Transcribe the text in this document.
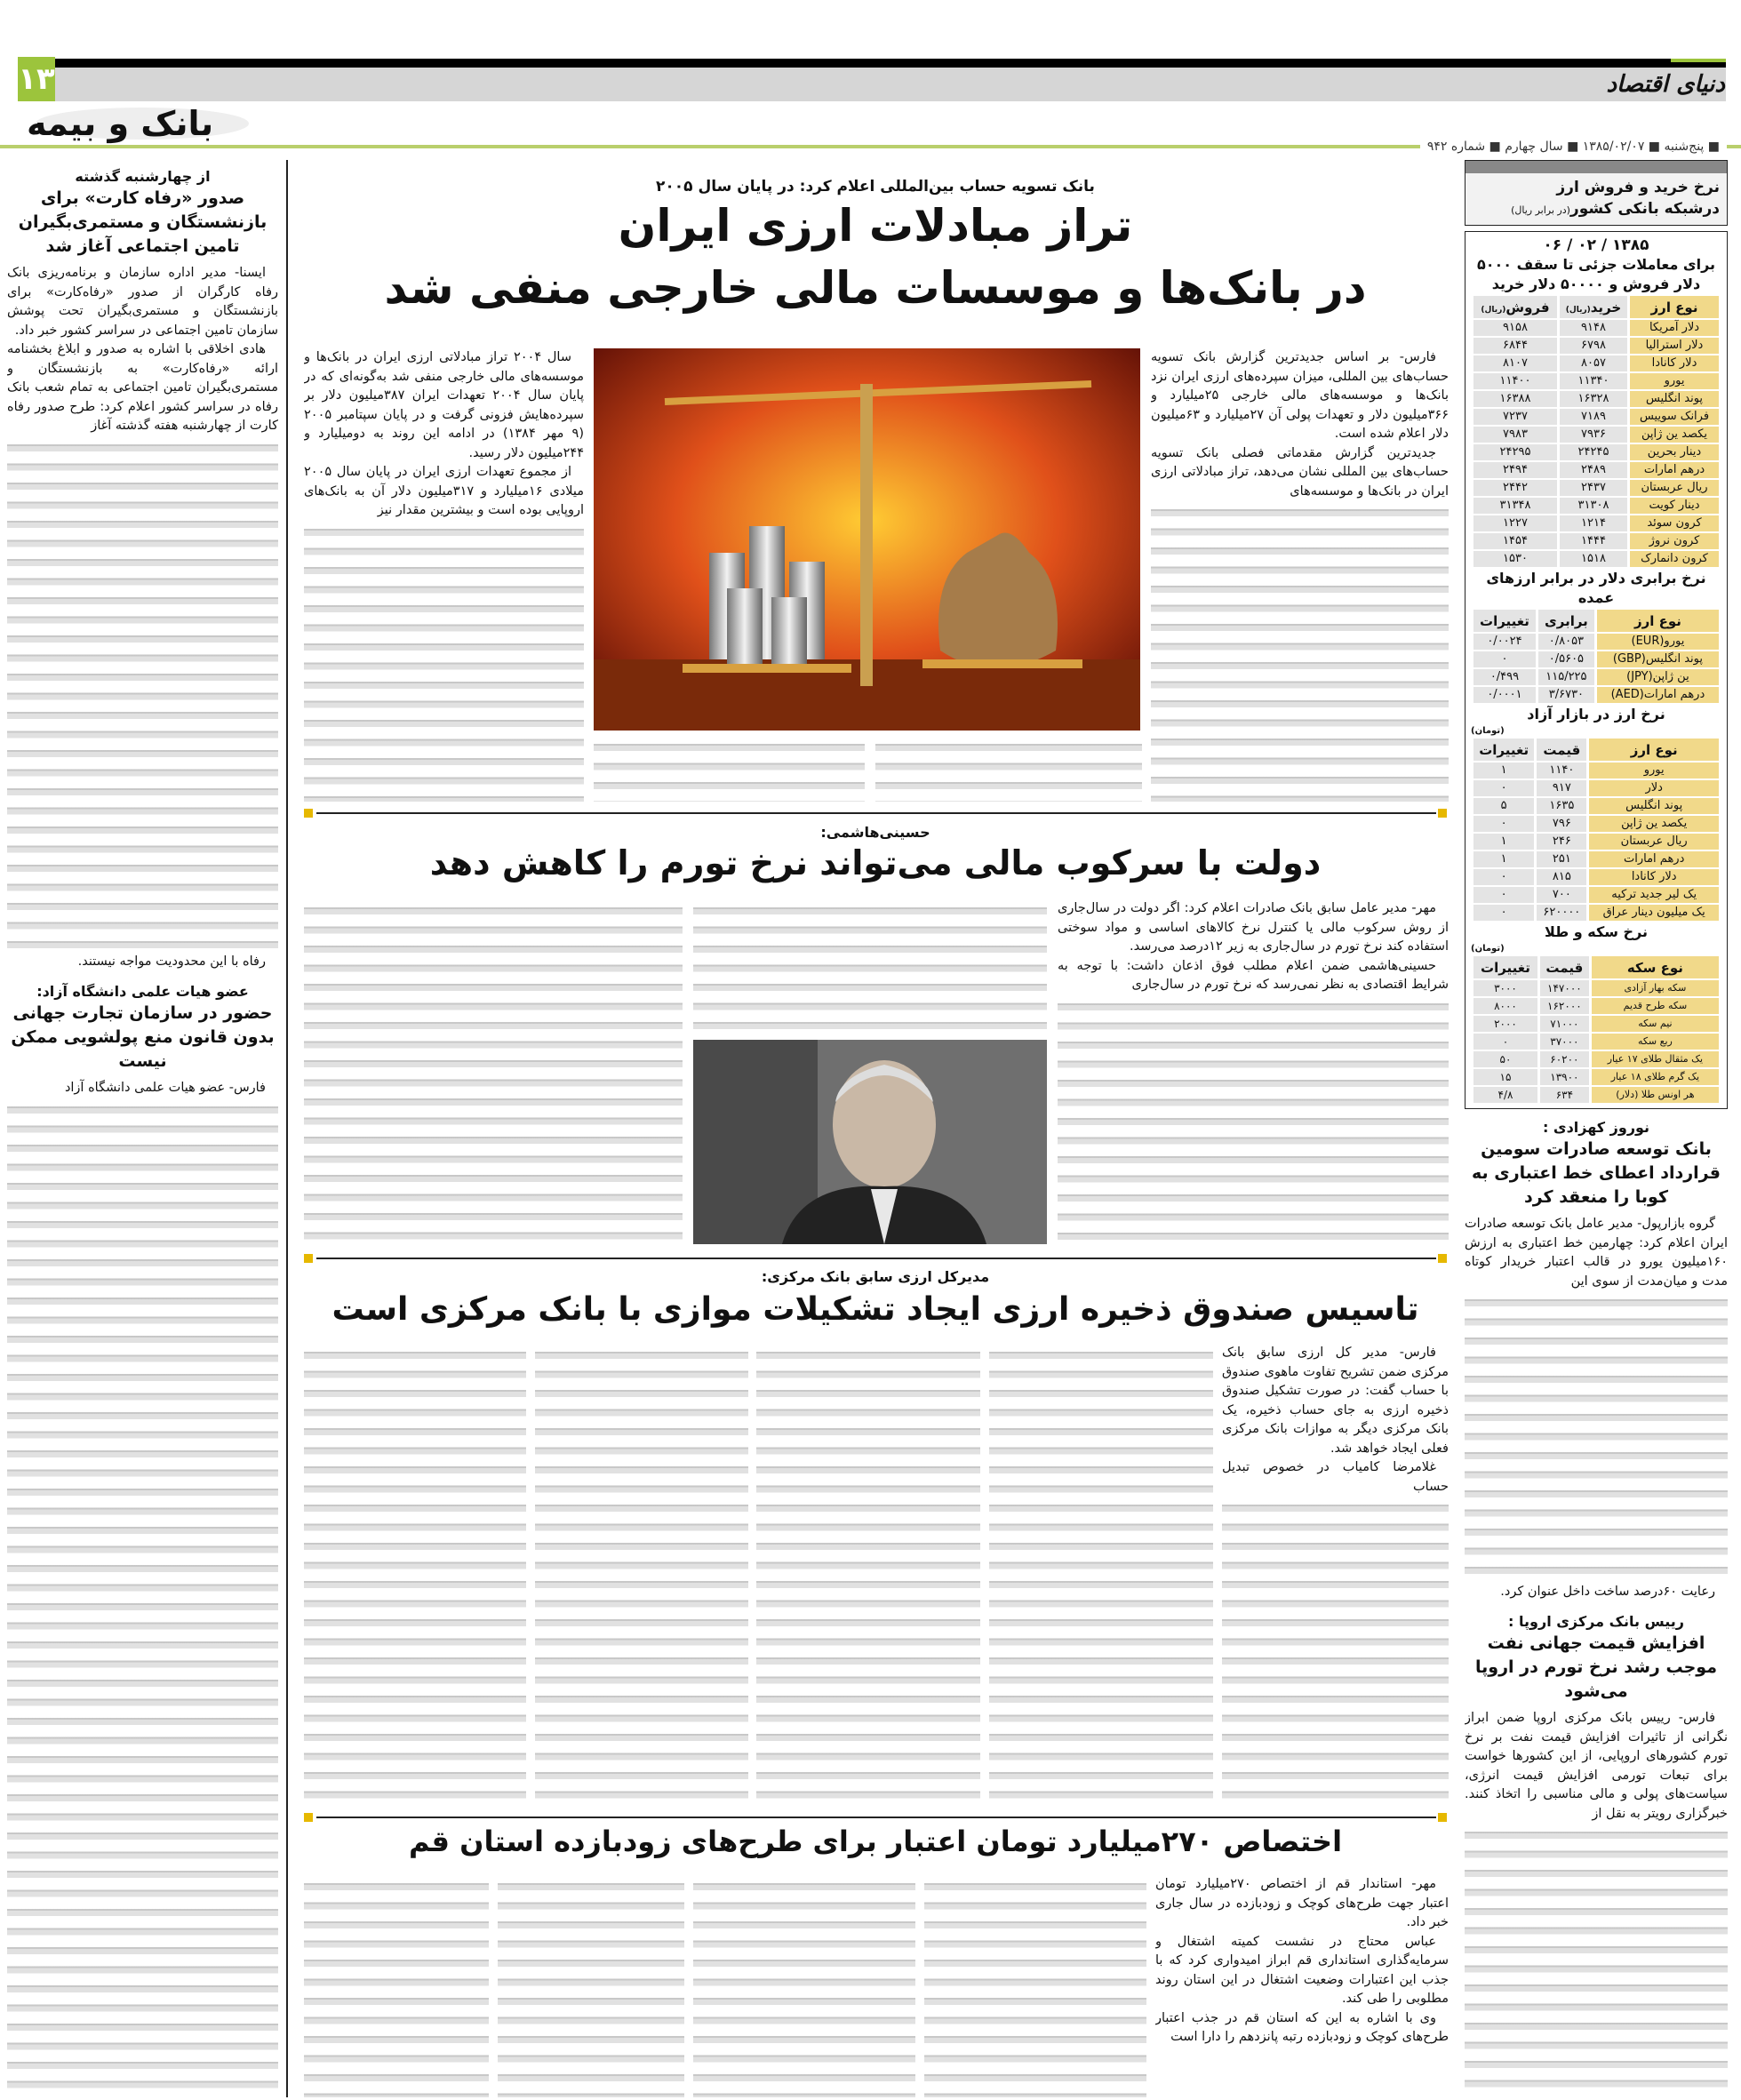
۱۳	دنیای اقتصاد
بانک و بیمه
■ پنج‌شنبه ■ ۱۳۸۵/۰۲/۰۷ ■ سال چهارم ■ شماره ۹۴۲
از چهارشنبه گذشته
صدور «رفاه کارت» برای بازنشستگان و مستمری‌بگیران تامین اجتماعی آغاز شد

ایسنا- مدیر اداره سازمان و برنامه‌ریزی بانک رفاه کارگران از صدور «رفاه‌کارت» برای بازنشستگان و مستمری‌بگیران تحت پوشش سازمان تامین اجتماعی در سراسر کشور خبر داد.

هادی اخلاقی با اشاره به صدور و ابلاغ بخشنامه ارائه «رفاه‌کارت» به بازنشستگان و مستمری‌بگیران تامین اجتماعی به تمام شعب بانک رفاه در سراسر کشور اعلام کرد: طرح صدور رفاه کارت از چهارشنبه هفته گذشته آغاز

رفاه با این محدودیت مواجه نیستند.

عضو هیات علمی دانشگاه آزاد:
حضور در سازمان تجارت جهانی بدون قانون منع پولشویی ممکن نیست

فارس- عضو هیات علمی دانشگاه آزاد

بانک تسویه حساب بین‌المللی اعلام کرد: در پایان سال ۲۰۰۵
تراز مبادلات ارزی ایران
در بانک‌ها و موسسات مالی خارجی منفی شد

فارس- بر اساس جدیدترین گزارش بانک تسویه حساب‌های بین المللی، میزان سپرده‌های ارزی ایران نزد بانک‌ها و موسسه‌های مالی خارجی ۲۵میلیارد و ۳۶۶میلیون دلار و تعهدات پولی آن ۲۷میلیارد و ۶۳میلیون دلار اعلام شده است.

جدیدترین گزارش مقدماتی فصلی بانک تسویه حساب‌های بین المللی نشان می‌دهد، تراز مبادلاتی ارزی ایران در بانک‌ها و موسسه‌های

سال ۲۰۰۴ تراز مبادلاتی ارزی ایران در بانک‌ها و موسسه‌های مالی خارجی منفی شد به‌گونه‌ای که در پایان سال ۲۰۰۴ تعهدات ایران ۳۸۷میلیون دلار بر سپرده‌هایش فزونی گرفت و در پایان سپتامبر ۲۰۰۵ (۹ مهر ۱۳۸۴) در ادامه این روند به دومیلیارد و ۲۴۴میلیون دلار رسید.

از مجموع تعهدات ارزی ایران در پایان سال ۲۰۰۵ میلادی ۱۶میلیارد و ۳۱۷میلیون دلار آن به بانک‌های اروپایی بوده است و بیشترین مقدار نیز

حسینی‌هاشمی:
دولت با سرکوب مالی می‌تواند نرخ تورم را کاهش دهد

مهر- مدیر عامل سابق بانک صادرات اعلام کرد: اگر دولت در سال‌جاری از روش سرکوب مالی یا کنترل نرخ کالاهای اساسی و مواد سوختی استفاده کند نرخ تورم در سال‌جاری به زیر ۱۲درصد می‌رسد.

حسینی‌هاشمی ضمن اعلام مطلب فوق اذعان داشت: با توجه به شرایط اقتصادی به نظر نمی‌رسد که نرخ تورم در سال‌جاری

مدیرکل ارزی سابق بانک مرکزی:
تاسیس صندوق ذخیره ارزی ایجاد تشکیلات موازی با بانک مرکزی است

فارس- مدیر کل ارزی سابق بانک مرکزی ضمن تشریح تفاوت ماهوی صندوق با حساب گفت: در صورت تشکیل صندوق ذخیره ارزی به جای حساب ذخیره، یک بانک مرکزی دیگر به موازات بانک مرکزی فعلی ایجاد خواهد شد.

غلامرضا کامیاب در خصوص تبدیل حساب

اختصاص ۲۷۰میلیارد تومان اعتبار برای طرح‌های زودبازده استان قم

مهر- استاندار قم از اختصاص ۲۷۰میلیارد تومان اعتبار جهت طرح‌های کوچک و زودبازده در سال جاری خبر داد.

عباس محتاج در نشست کمیته اشتغال و سرمایه‌گذاری استانداری قم ابراز امیدواری کرد که با جذب این اعتبارات وضعیت اشتغال در این استان روند مطلوبی را طی کند.

وی با اشاره به این که استان قم در جذب اعتبار طرح‌های کوچک و زودبازده رتبه پانزدهم را دارا است

نرخ خرید و فروش ارز
درشبکه بانکی کشور(در برابر ریال)
۱۳۸۵ / ۰۲ / ۰۶
برای معاملات جزئی تا سقف ۵۰۰۰ دلار فروش و ۵۰۰۰۰ دلار خرید
نوع ارز	خرید(ریال)	فروش(ریال)
دلار آمریکا	۹۱۴۸	۹۱۵۸
دلار استرالیا	۶۷۹۸	۶۸۴۴
دلار کانادا	۸۰۵۷	۸۱۰۷
یورو	۱۱۳۴۰	۱۱۴۰۰
پوند انگلیس	۱۶۳۲۸	۱۶۳۸۸
فرانک سوییس	۷۱۸۹	۷۲۳۷
یکصد ین ژاپن	۷۹۳۶	۷۹۸۳
دینار بحرین	۲۴۲۴۵	۲۴۲۹۵
درهم امارات	۲۴۸۹	۲۴۹۴
ریال عربستان	۲۴۳۷	۲۴۴۲
دینار کویت	۳۱۳۰۸	۳۱۳۴۸
کرون سوئد	۱۲۱۴	۱۲۲۷
کرون نروژ	۱۴۴۴	۱۴۵۴
کرون دانمارک	۱۵۱۸	۱۵۳۰
نرخ برابری دلار در برابر ارزهای عمده
نوع ارز	برابری	تغییرات
یورو(EUR)	۰/۸۰۵۳	۰/۰۰۲۴
پوند انگلیس(GBP)	۰/۵۶۰۵	۰
ین ژاپن(JPY)	۱۱۵/۲۲۵	۰/۴۹۹
درهم امارات(AED)	۳/۶۷۳۰	۰/۰۰۰۱
نرخ ارز در بازار آزاد
(تومان)
نوع ارز	قیمت	تغییرات
یورو	۱۱۴۰	۱
دلار	۹۱۷	۰
پوند انگلیس	۱۶۳۵	۵
یکصد ین ژاپن	۷۹۶	۰
ریال عربستان	۲۴۶	۱
درهم امارات	۲۵۱	۱
دلار کانادا	۸۱۵	۰
یک لیر جدید ترکیه	۷۰۰	۰
یک میلیون دینار عراق	۶۲۰۰۰۰	۰
نرخ سکه و طلا
(تومان)
نوع سکه	قیمت	تغییرات
سکه بهار آزادی	۱۴۷۰۰۰	۳۰۰۰
سکه طرح قدیم	۱۶۲۰۰۰	۸۰۰۰
نیم سکه	۷۱۰۰۰	۲۰۰۰
ربع سکه	۳۷۰۰۰	۰
یک مثقال طلای ۱۷ عیار	۶۰۲۰۰	۵۰
یک گرم طلای ۱۸ عیار	۱۳۹۰۰	۱۵
هر اونس طلا (دلار)	۶۳۴	۴/۸
نوروز کهزادی :
بانک توسعه صادرات سومین قرارداد اعطای خط اعتباری به کوبا را منعقد کرد

گروه بازارپول- مدیر عامل بانک توسعه صادرات ایران اعلام کرد: چهارمین خط اعتباری به ارزش ۱۶۰میلیون یورو در قالب اعتبار خریدار کوتاه مدت و میان‌مدت از سوی این

رعایت ۶۰درصد ساخت داخل عنوان کرد.

رییس بانک مرکزی اروپا :
افزایش قیمت جهانی نفت موجب رشد نرخ تورم در اروپا می‌شود

فارس- رییس بانک مرکزی اروپا ضمن ابراز نگرانی از تاثیرات افزایش قیمت نفت بر نرخ تورم کشورهای اروپایی، از این کشورها خواست برای تبعات تورمی افزایش قیمت انرژی، سیاست‌های پولی و مالی مناسبی را اتخاذ کنند. خبرگزاری رویتر به نقل از
